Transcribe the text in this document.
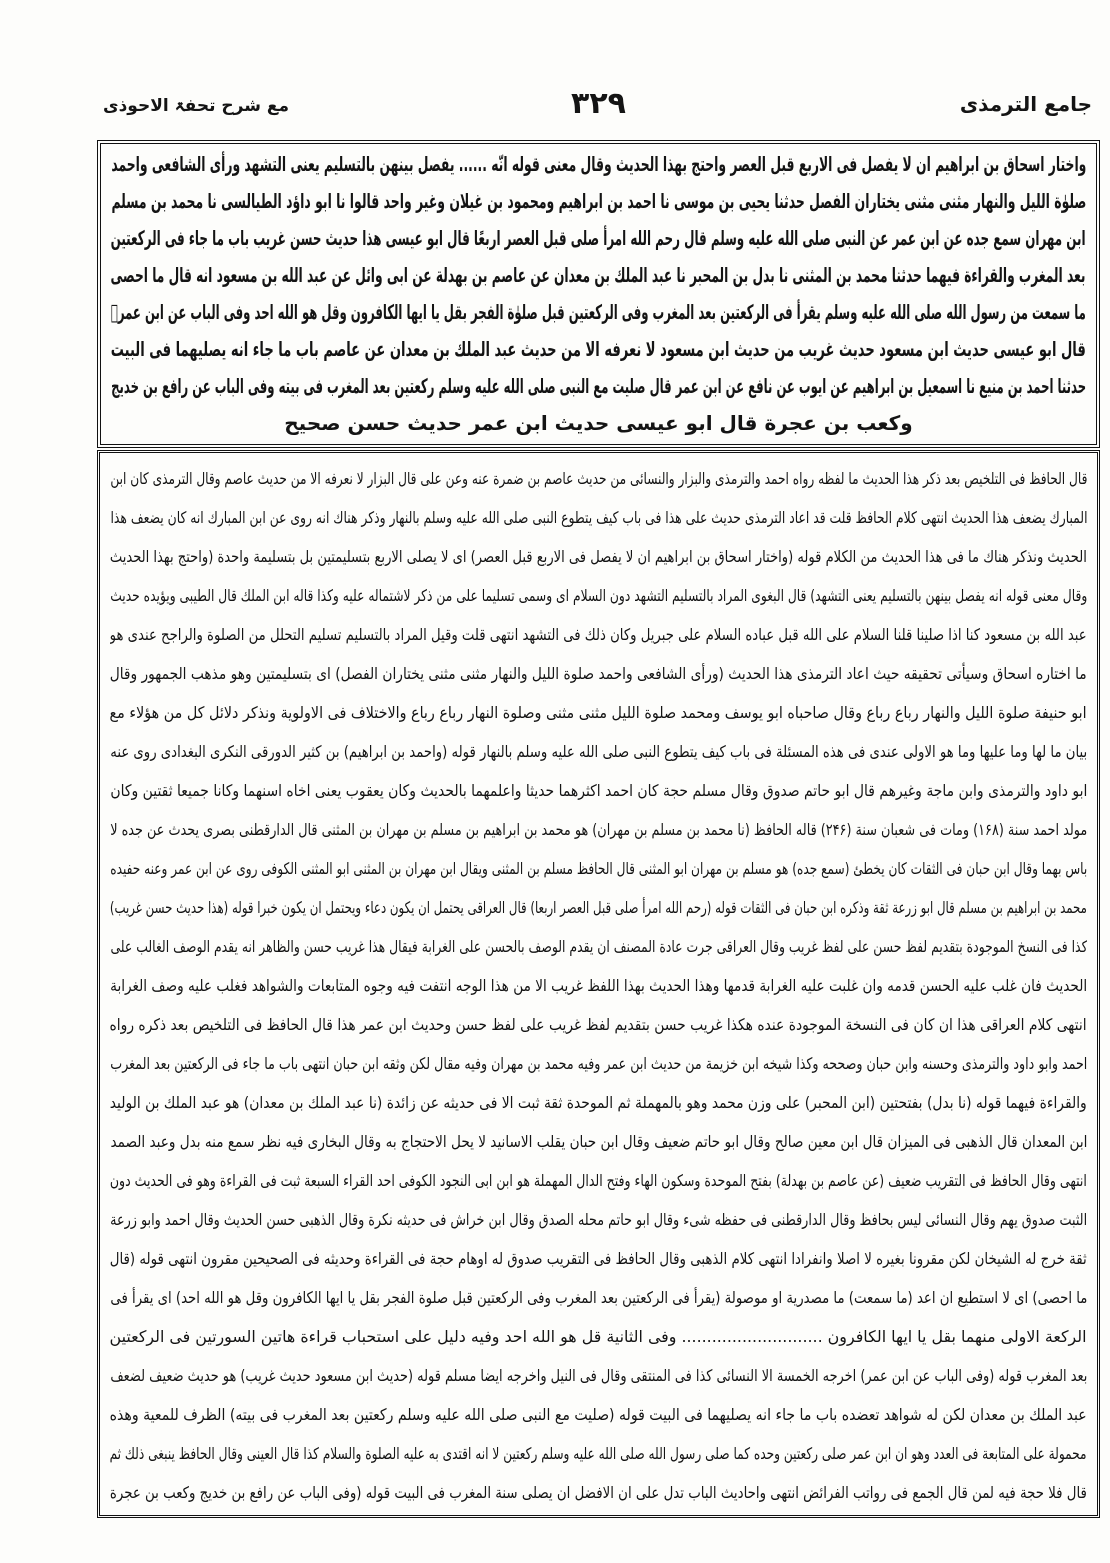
جامع الترمذی
۳۲۹
مع شرح تحفۃ الاحوذی
واختار اسحاق بن ابراهیم ان لا یفصل فی الاربع قبل العصر واحتج بهذا الحدیث وقال معنی قوله انّه ...... یفصل بینهن بالتسلیم یعنی التشهد ورأی الشافعی واحمد
صلوٰة اللیل والنهار مثنی مثنی یختاران الفصل حدثنا یحیی بن موسی نا احمد بن ابراهیم ومحمود بن غیلان وغیر واحد قالوا نا ابو داؤد الطیالسی نا محمد بن مسلم
ابن مهران سمع جده عن ابن عمر عن النبی صلی الله علیه وسلم قال رحم الله امرأ صلی قبل العصر اربعًا قال ابو عیسی هذا حدیث حسن غریب باب ما جاء فی الرکعتین
بعد المغرب والقراءة فیهما حدثنا محمد بن المثنی نا بدل بن المحبر نا عبد الملك بن معدان عن عاصم بن بهدلة عن ابی وائل عن عبد الله بن مسعود انه قال ما احصی
ما سمعت من رسول الله صلی الله علیه وسلم یقرأ فی الرکعتین بعد المغرب وفی الرکعتین قبل صلوٰة الفجر بقل یا ایها الکافرون وقل هو الله احد وفی الباب عن ابن عمرؓ
قال ابو عیسی حدیث ابن مسعود حدیث غریب من حدیث ابن مسعود لا نعرفه الا من حدیث عبد الملك بن معدان عن عاصم باب ما جاء انه یصلیهما فی البیت
حدثنا احمد بن منیع نا اسمعیل بن ابراهیم عن ایوب عن نافع عن ابن عمر قال صلیت مع النبی صلی الله علیه وسلم رکعتین بعد المغرب فی بیته وفی الباب عن رافع بن خدیج
وکعب بن عجرة قال ابو عیسی حدیث ابن عمر حدیث حسن صحیح
قال الحافظ فی التلخیص بعد ذکر هذا الحدیث ما لفظه رواه احمد والترمذی والبزار والنسائی من حدیث عاصم بن ضمرة عنه وعن علی قال البزار لا نعرفه الا من حدیث عاصم وقال الترمذی کان ابن
المبارك یضعف هذا الحدیث انتهی کلام الحافظ قلت قد اعاد الترمذی حدیث علی هذا فی باب کیف یتطوع النبی صلی الله علیه وسلم بالنهار وذکر هناك انه روی عن ابن المبارك انه کان یضعف هذا
الحدیث ونذکر هناك ما فی هذا الحدیث من الکلام قوله (واختار اسحاق بن ابراهیم ان لا یفصل فی الاربع قبل العصر) ای لا یصلی الاربع بتسلیمتین بل بتسلیمة واحدة (واحتج بهذا الحدیث
وقال معنی قوله انه یفصل بینهن بالتسلیم یعنی التشهد) قال البغوی المراد بالتسلیم التشهد دون السلام ای وسمی تسلیما علی من ذکر لاشتماله علیه وکذا قاله ابن الملك قال الطیبی ویؤیده حدیث
عبد الله بن مسعود کنا اذا صلینا قلنا السلام علی الله قبل عباده السلام علی جبریل وکان ذلك فی التشهد انتهی قلت وقیل المراد بالتسلیم تسلیم التحلل من الصلوة والراجح عندی هو
ما اختاره اسحاق وسیأتی تحقیقه حیث اعاد الترمذی هذا الحدیث (ورأی الشافعی واحمد صلوة اللیل والنهار مثنی مثنی یختاران الفصل) ای بتسلیمتین وهو مذهب الجمهور وقال
ابو حنیفة صلوة اللیل والنهار رباع رباع وقال صاحباه ابو یوسف ومحمد صلوة اللیل مثنی مثنی وصلوة النهار رباع رباع والاختلاف فی الاولویة ونذکر دلائل کل من هؤلاء مع
بیان ما لها وما علیها وما هو الاولی عندی فی هذه المسئلة فی باب کیف یتطوع النبی صلی الله علیه وسلم بالنهار قوله (واحمد بن ابراهیم) بن کثیر الدورقی النکری البغدادی روی عنه
ابو داود والترمذی وابن ماجة وغیرهم قال ابو حاتم صدوق وقال مسلم حجة کان احمد اکثرهما حدیثا واعلمهما بالحدیث وکان یعقوب یعنی اخاه اسنهما وکانا جمیعا ثقتین وکان
مولد احمد سنة (۱۶۸) ومات فی شعبان سنة (۲۴۶) قاله الحافظ (نا محمد بن مسلم بن مهران) هو محمد بن ابراهیم بن مسلم بن مهران بن المثنی قال الدارقطنی بصری یحدث عن جده لا
باس بهما وقال ابن حبان فی الثقات کان یخطئ (سمع جده) هو مسلم بن مهران ابو المثنی قال الحافظ مسلم بن المثنی ویقال ابن مهران بن المثنی ابو المثنی الکوفی روی عن ابن عمر وعنه حفیده
محمد بن ابراهیم بن مسلم قال ابو زرعة ثقة وذکره ابن حبان فی الثقات قوله (رحم الله امرأ صلی قبل العصر اربعا) قال العراقی یحتمل ان یکون دعاء ویحتمل ان یکون خبرا قوله (هذا حدیث حسن غریب)
کذا فی النسخ الموجودة بتقدیم لفظ حسن علی لفظ غریب وقال العراقی جرت عادة المصنف ان یقدم الوصف بالحسن علی الغرابة فیقال هذا غریب حسن والظاهر انه یقدم الوصف الغالب علی
الحدیث فان غلب علیه الحسن قدمه وان غلبت علیه الغرابة قدمها وهذا الحدیث بهذا اللفظ غریب الا من هذا الوجه انتفت فیه وجوه المتابعات والشواهد فغلب علیه وصف الغرابة
انتهی کلام العراقی هذا ان کان فی النسخة الموجودة عنده هکذا غریب حسن بتقدیم لفظ غریب علی لفظ حسن وحدیث ابن عمر هذا قال الحافظ فی التلخیص بعد ذکره رواه
احمد وابو داود والترمذی وحسنه وابن حبان وصححه وکذا شیخه ابن خزیمة من حدیث ابن عمر وفیه محمد بن مهران وفیه مقال لکن وثقه ابن حبان انتهی باب ما جاء فی الرکعتین بعد المغرب
والقراءة فیهما قوله (نا بدل) بفتحتین (ابن المحبر) علی وزن محمد وهو بالمهملة ثم الموحدة ثقة ثبت الا فی حدیثه عن زائدة (نا عبد الملك بن معدان) هو عبد الملك بن الولید
ابن المعدان قال الذهبی فی المیزان قال ابن معین صالح وقال ابو حاتم ضعیف وقال ابن حبان یقلب الاسانید لا یحل الاحتجاج به وقال البخاری فیه نظر سمع منه بدل وعبد الصمد
انتهی وقال الحافظ فی التقریب ضعیف (عن عاصم بن بهدلة) بفتح الموحدة وسکون الهاء وفتح الدال المهملة هو ابن ابی النجود الکوفی احد القراء السبعة ثبت فی القراءة وهو فی الحدیث دون
الثبت صدوق یهم وقال النسائی لیس بحافظ وقال الدارقطنی فی حفظه شیء وقال ابو حاتم محله الصدق وقال ابن خراش فی حدیثه نکرة وقال الذهبی حسن الحدیث وقال احمد وابو زرعة
ثقة خرج له الشیخان لکن مقرونا بغیره لا اصلا وانفرادا انتهی کلام الذهبی وقال الحافظ فی التقریب صدوق له اوهام حجة فی القراءة وحدیثه فی الصحیحین مقرون انتهی قوله (قال
ما احصی) ای لا استطیع ان اعد (ما سمعت) ما مصدریة او موصولة (یقرأ فی الرکعتین بعد المغرب وفی الرکعتین قبل صلوة الفجر بقل یا ایها الکافرون وقل هو الله احد) ای یقرأ فی
الرکعة الاولی منهما بقل یا ایها الکافرون ............................ وفی الثانیة قل هو الله احد وفیه دلیل علی استحباب قراءة هاتین السورتین فی الرکعتین
بعد المغرب قوله (وفی الباب عن ابن عمر) اخرجه الخمسة الا النسائی کذا فی المنتقی وقال فی النیل واخرجه ایضا مسلم قوله (حدیث ابن مسعود حدیث غریب) هو حدیث ضعیف لضعف
عبد الملك بن معدان لکن له شواهد تعضده باب ما جاء انه یصلیهما فی البیت قوله (صلیت مع النبی صلی الله علیه وسلم رکعتین بعد المغرب فی بیته) الظرف للمعیة وهذه
محمولة علی المتابعة فی العدد وهو ان ابن عمر صلی رکعتین وحده کما صلی رسول الله صلی الله علیه وسلم رکعتین لا انه اقتدی به علیه الصلوة والسلام کذا قال العینی وقال الحافظ ینبغی ذلك ثم
قال فلا حجة فیه لمن قال الجمع فی رواتب الفرائض انتهی واحادیث الباب تدل علی ان الافضل ان یصلی سنة المغرب فی البیت قوله (وفی الباب عن رافع بن خدیج وکعب بن عجرة
